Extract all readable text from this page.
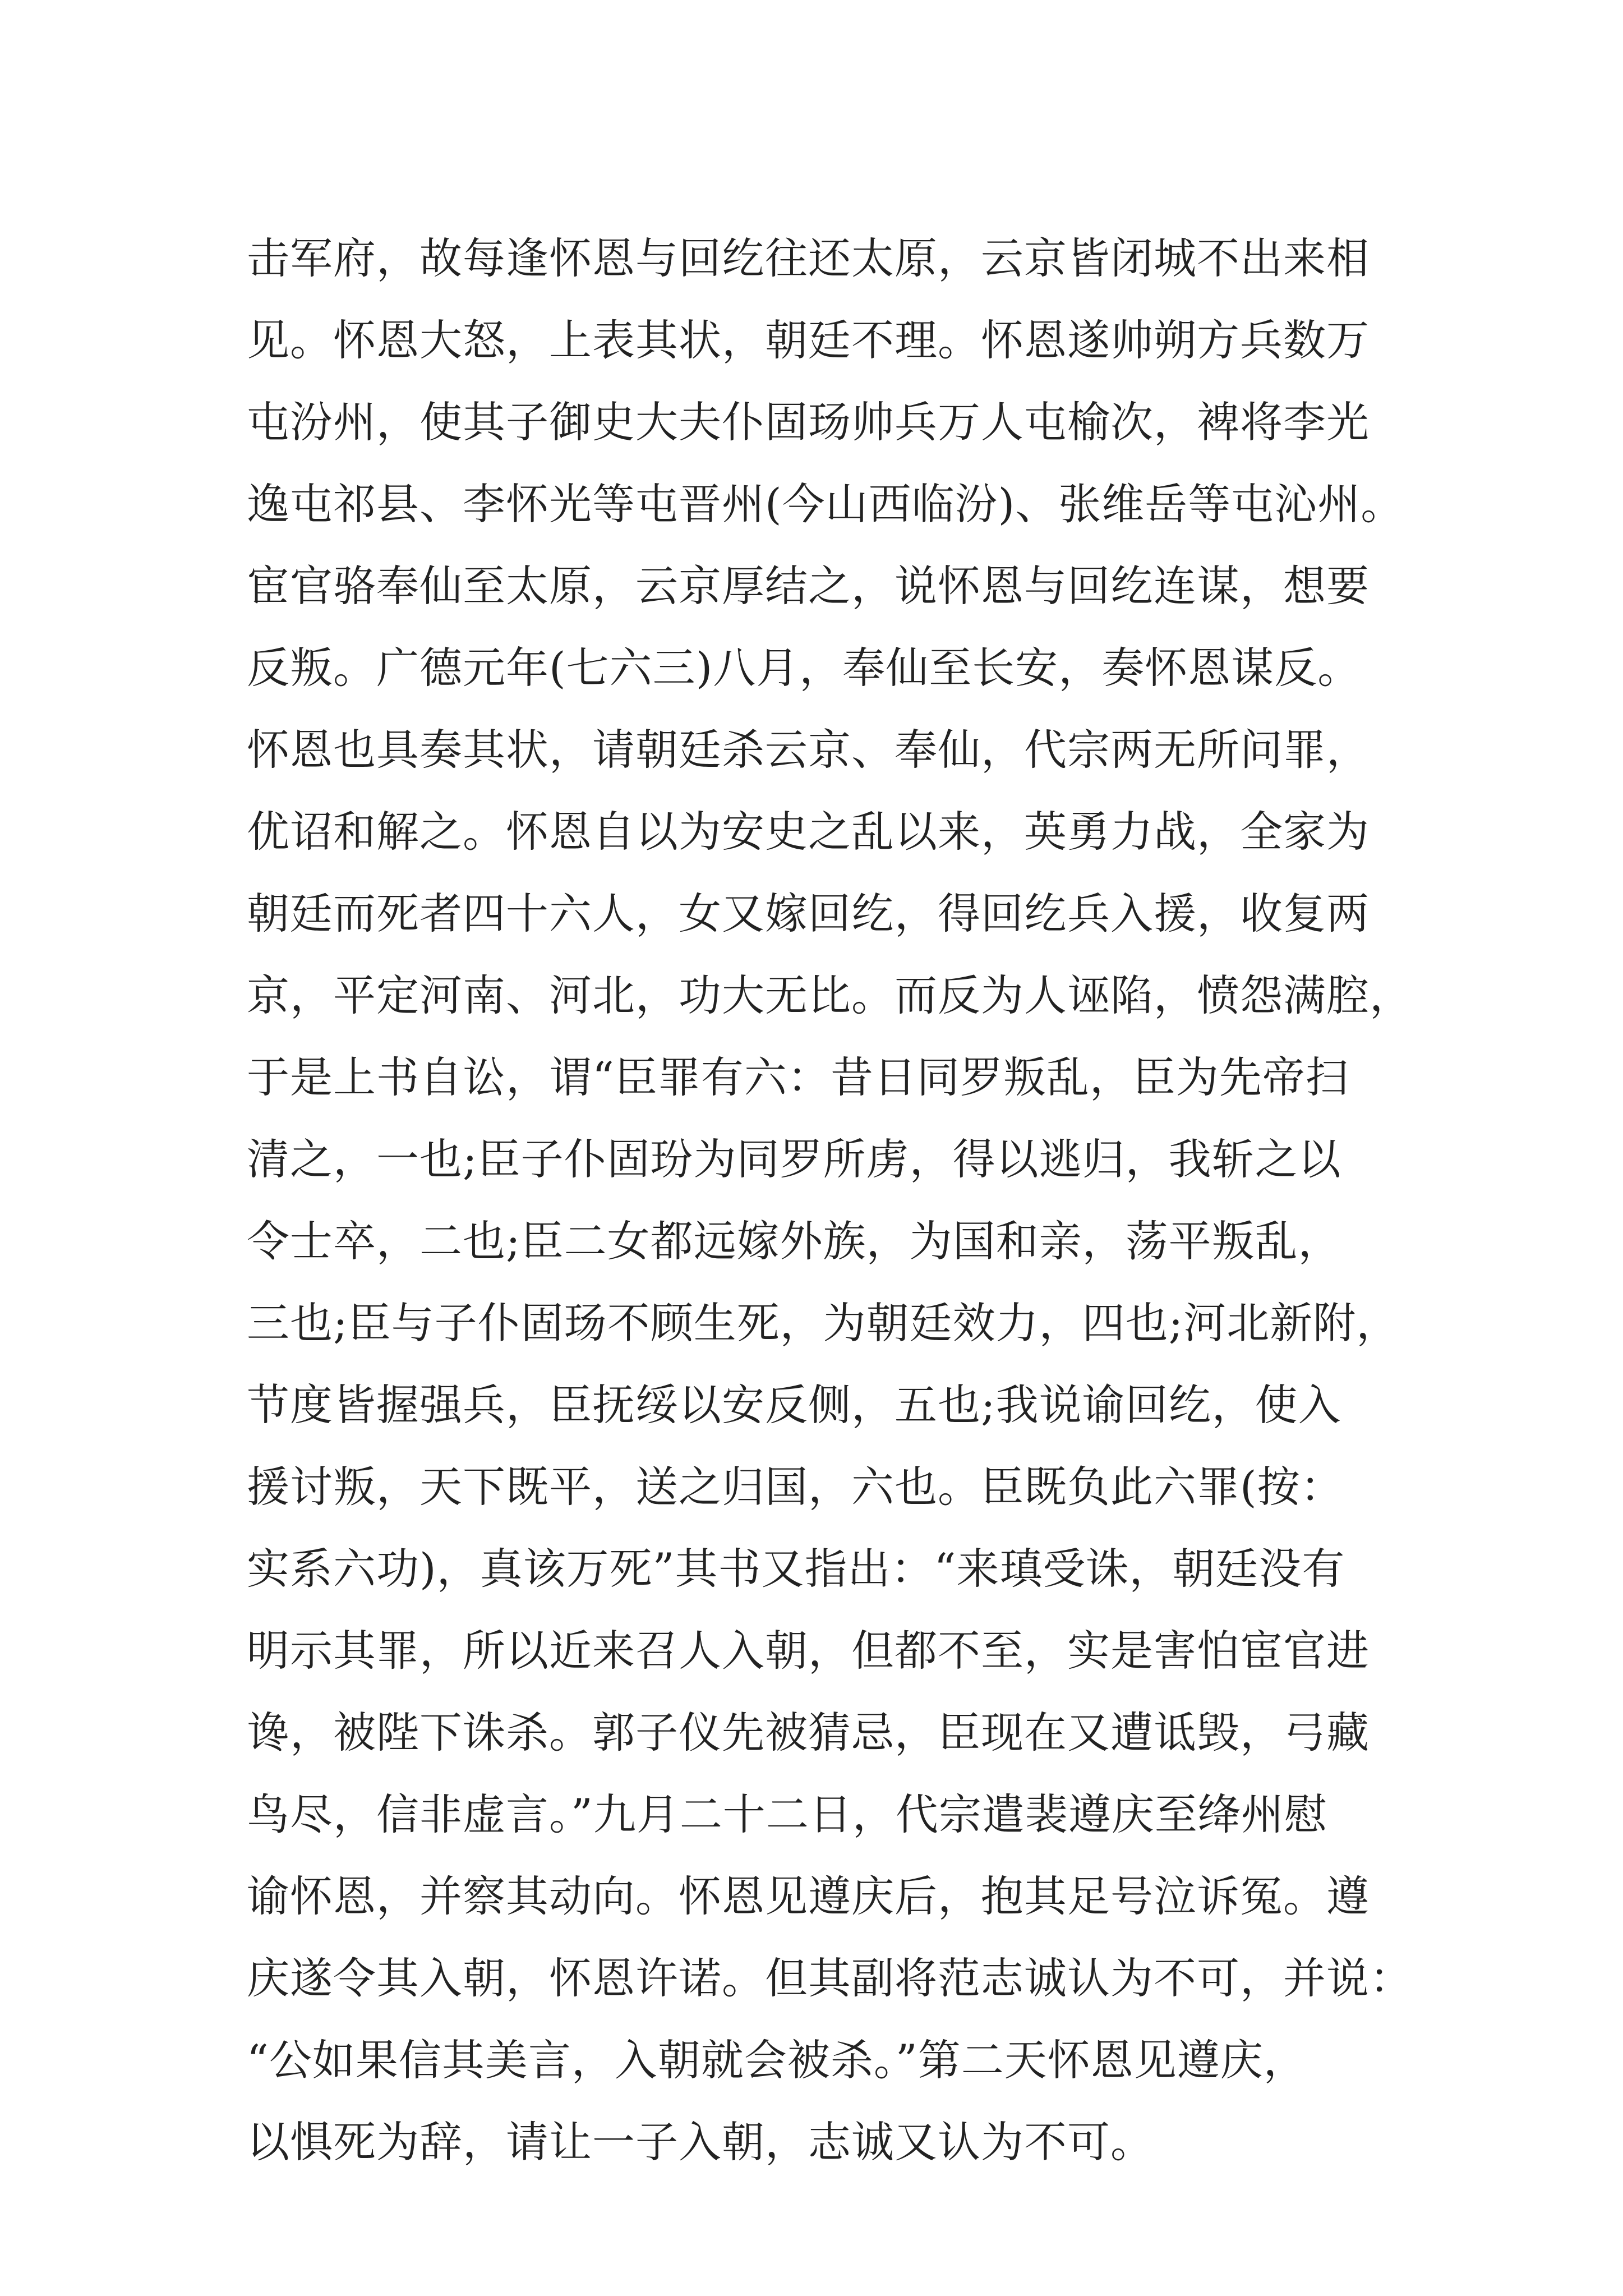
击军府，故每逢怀恩与回纥往还太原，云京皆闭城不出来相
见。怀恩大怒，上表其状，朝廷不理。怀恩遂帅朔方兵数万
屯汾州，使其子御史大夫仆固玚帅兵万人屯榆次，裨将李光
逸屯祁县、李怀光等屯晋州(今山西临汾)、张维岳等屯沁州。
宦官骆奉仙至太原，云京厚结之，说怀恩与回纥连谋，想要
反叛。广德元年(七六三)八月，奉仙至长安，奏怀恩谋反。
怀恩也具奏其状，请朝廷杀云京、奉仙，代宗两无所问罪，
优诏和解之。怀恩自以为安史之乱以来，英勇力战，全家为
朝廷而死者四十六人，女又嫁回纥，得回纥兵入援，收复两
京，平定河南、河北，功大无比。而反为人诬陷，愤怨满腔，
于是上书自讼，谓“臣罪有六：昔日同罗叛乱，臣为先帝扫
清之，一也;臣子仆固玢为同罗所虏，得以逃归，我斩之以
令士卒，二也;臣二女都远嫁外族，为国和亲，荡平叛乱，
三也;臣与子仆固玚不顾生死，为朝廷效力，四也;河北新附，
节度皆握强兵，臣抚绥以安反侧，五也;我说谕回纥，使入
援讨叛，天下既平，送之归国，六也。臣既负此六罪(按：
实系六功)，真该万死”其书又指出：“来瑱受诛，朝廷没有
明示其罪，所以近来召人入朝，但都不至，实是害怕宦官进
谗，被陛下诛杀。郭子仪先被猜忌，臣现在又遭诋毁，弓藏
鸟尽，信非虚言。”九月二十二日，代宗遣裴遵庆至绛州慰
谕怀恩，并察其动向。怀恩见遵庆后，抱其足号泣诉冤。遵
庆遂令其入朝，怀恩许诺。但其副将范志诚认为不可，并说：
“公如果信其美言，入朝就会被杀。”第二天怀恩见遵庆，
以惧死为辞，请让一子入朝，志诚又认为不可。
